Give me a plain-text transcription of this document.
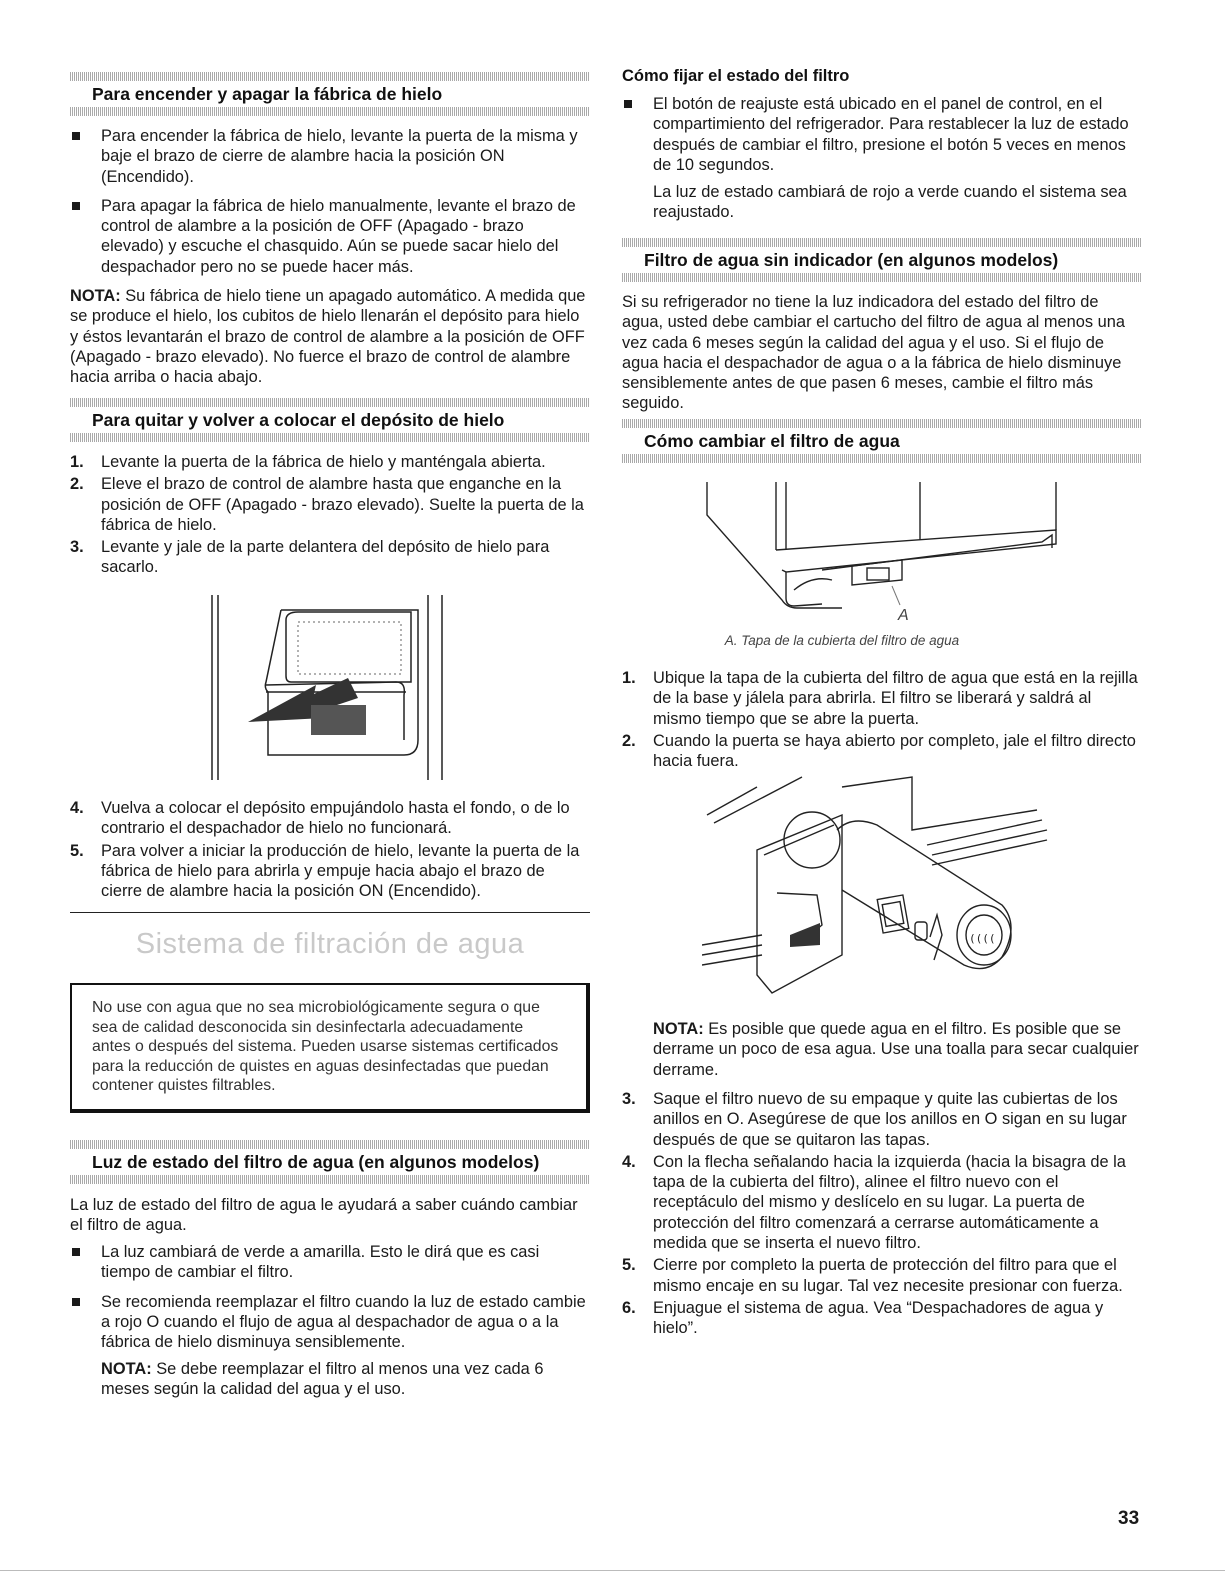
Para encender y apagar la fábrica de hielo
Para encender la fábrica de hielo, levante la puerta de la misma y baje el brazo de cierre de alambre hacia la posición ON (Encendido).
Para apagar la fábrica de hielo manualmente, levante el brazo de control de alambre a la posición de OFF (Apagado - brazo elevado) y escuche el chasquido. Aún se puede sacar hielo del despachador pero no se puede hacer más.

NOTA: Su fábrica de hielo tiene un apagado automático. A medida que se produce el hielo, los cubitos de hielo llenarán el depósito para hielo y éstos levantarán el brazo de control de alambre a la posición de OFF (Apagado - brazo elevado). No fuerce el brazo de control de alambre hacia arriba o hacia abajo.

Para quitar y volver a colocar el depósito de hielo
1. Levante la puerta de la fábrica de hielo y manténgala abierta.
2. Eleve el brazo de control de alambre hasta que enganche en la posición de OFF (Apagado - brazo elevado). Suelte la puerta de la fábrica de hielo.
3. Levante y jale de la parte delantera del depósito de hielo para sacarlo.
4. Vuelva a colocar el depósito empujándolo hasta el fondo, o de lo contrario el despachador de hielo no funcionará.
5. Para volver a iniciar la producción de hielo, levante la puerta de la fábrica de hielo para abrirla y empuje hacia abajo el brazo de cierre de alambre hacia la posición ON (Encendido).
Sistema de filtración de agua

No use con agua que no sea microbiológicamente segura o que sea de calidad desconocida sin desinfectarla adecuadamente antes o después del sistema. Pueden usarse sistemas certificados para la reducción de quistes en aguas desinfectadas que puedan contener quistes filtrables.

Luz de estado del filtro de agua (en algunos modelos)

La luz de estado del filtro de agua le ayudará a saber cuándo cambiar el filtro de agua.

La luz cambiará de verde a amarilla. Esto le dirá que es casi tiempo de cambiar el filtro.
Se recomienda reemplazar el filtro cuando la luz de estado cambie a rojo O cuando el flujo de agua al despachador de agua o a la fábrica de hielo disminuya sensiblemente.

NOTA: Se debe reemplazar el filtro al menos una vez cada 6 meses según la calidad del agua y el uso.

Cómo fijar el estado del filtro
El botón de reajuste está ubicado en el panel de control, en el compartimiento del refrigerador. Para restablecer la luz de estado después de cambiar el filtro, presione el botón 5 veces en menos de 10 segundos.

La luz de estado cambiará de rojo a verde cuando el sistema sea reajustado.

Filtro de agua sin indicador (en algunos modelos)

Si su refrigerador no tiene la luz indicadora del estado del filtro de agua, usted debe cambiar el cartucho del filtro de agua al menos una vez cada 6 meses según la calidad del agua y el uso. Si el flujo de agua hacia el despachador de agua o a la fábrica de hielo disminuye sensiblemente antes de que pasen 6 meses, cambie el filtro más seguido.

Cómo cambiar el filtro de agua
A
A. Tapa de la cubierta del filtro de agua
1. Ubique la tapa de la cubierta del filtro de agua que está en la rejilla de la base y jálela para abrirla. El filtro se liberará y saldrá al mismo tiempo que se abre la puerta.
2. Cuando la puerta se haya abierto por completo, jale el filtro directo hacia fuera.
((((

NOTA: Es posible que quede agua en el filtro. Es posible que se derrame un poco de esa agua. Use una toalla para secar cualquier derrame.

3. Saque el filtro nuevo de su empaque y quite las cubiertas de los anillos en O. Asegúrese de que los anillos en O sigan en su lugar después de que se quitaron las tapas.
4. Con la flecha señalando hacia la izquierda (hacia la bisagra de la tapa de la cubierta del filtro), alinee el filtro nuevo con el receptáculo del mismo y deslícelo en su lugar. La puerta de protección del filtro comenzará a cerrarse automáticamente a medida que se inserta el nuevo filtro.
5. Cierre por completo la puerta de protección del filtro para que el mismo encaje en su lugar. Tal vez necesite presionar con fuerza.
6. Enjuague el sistema de agua. Vea “Despachadores de agua y hielo”.
33
